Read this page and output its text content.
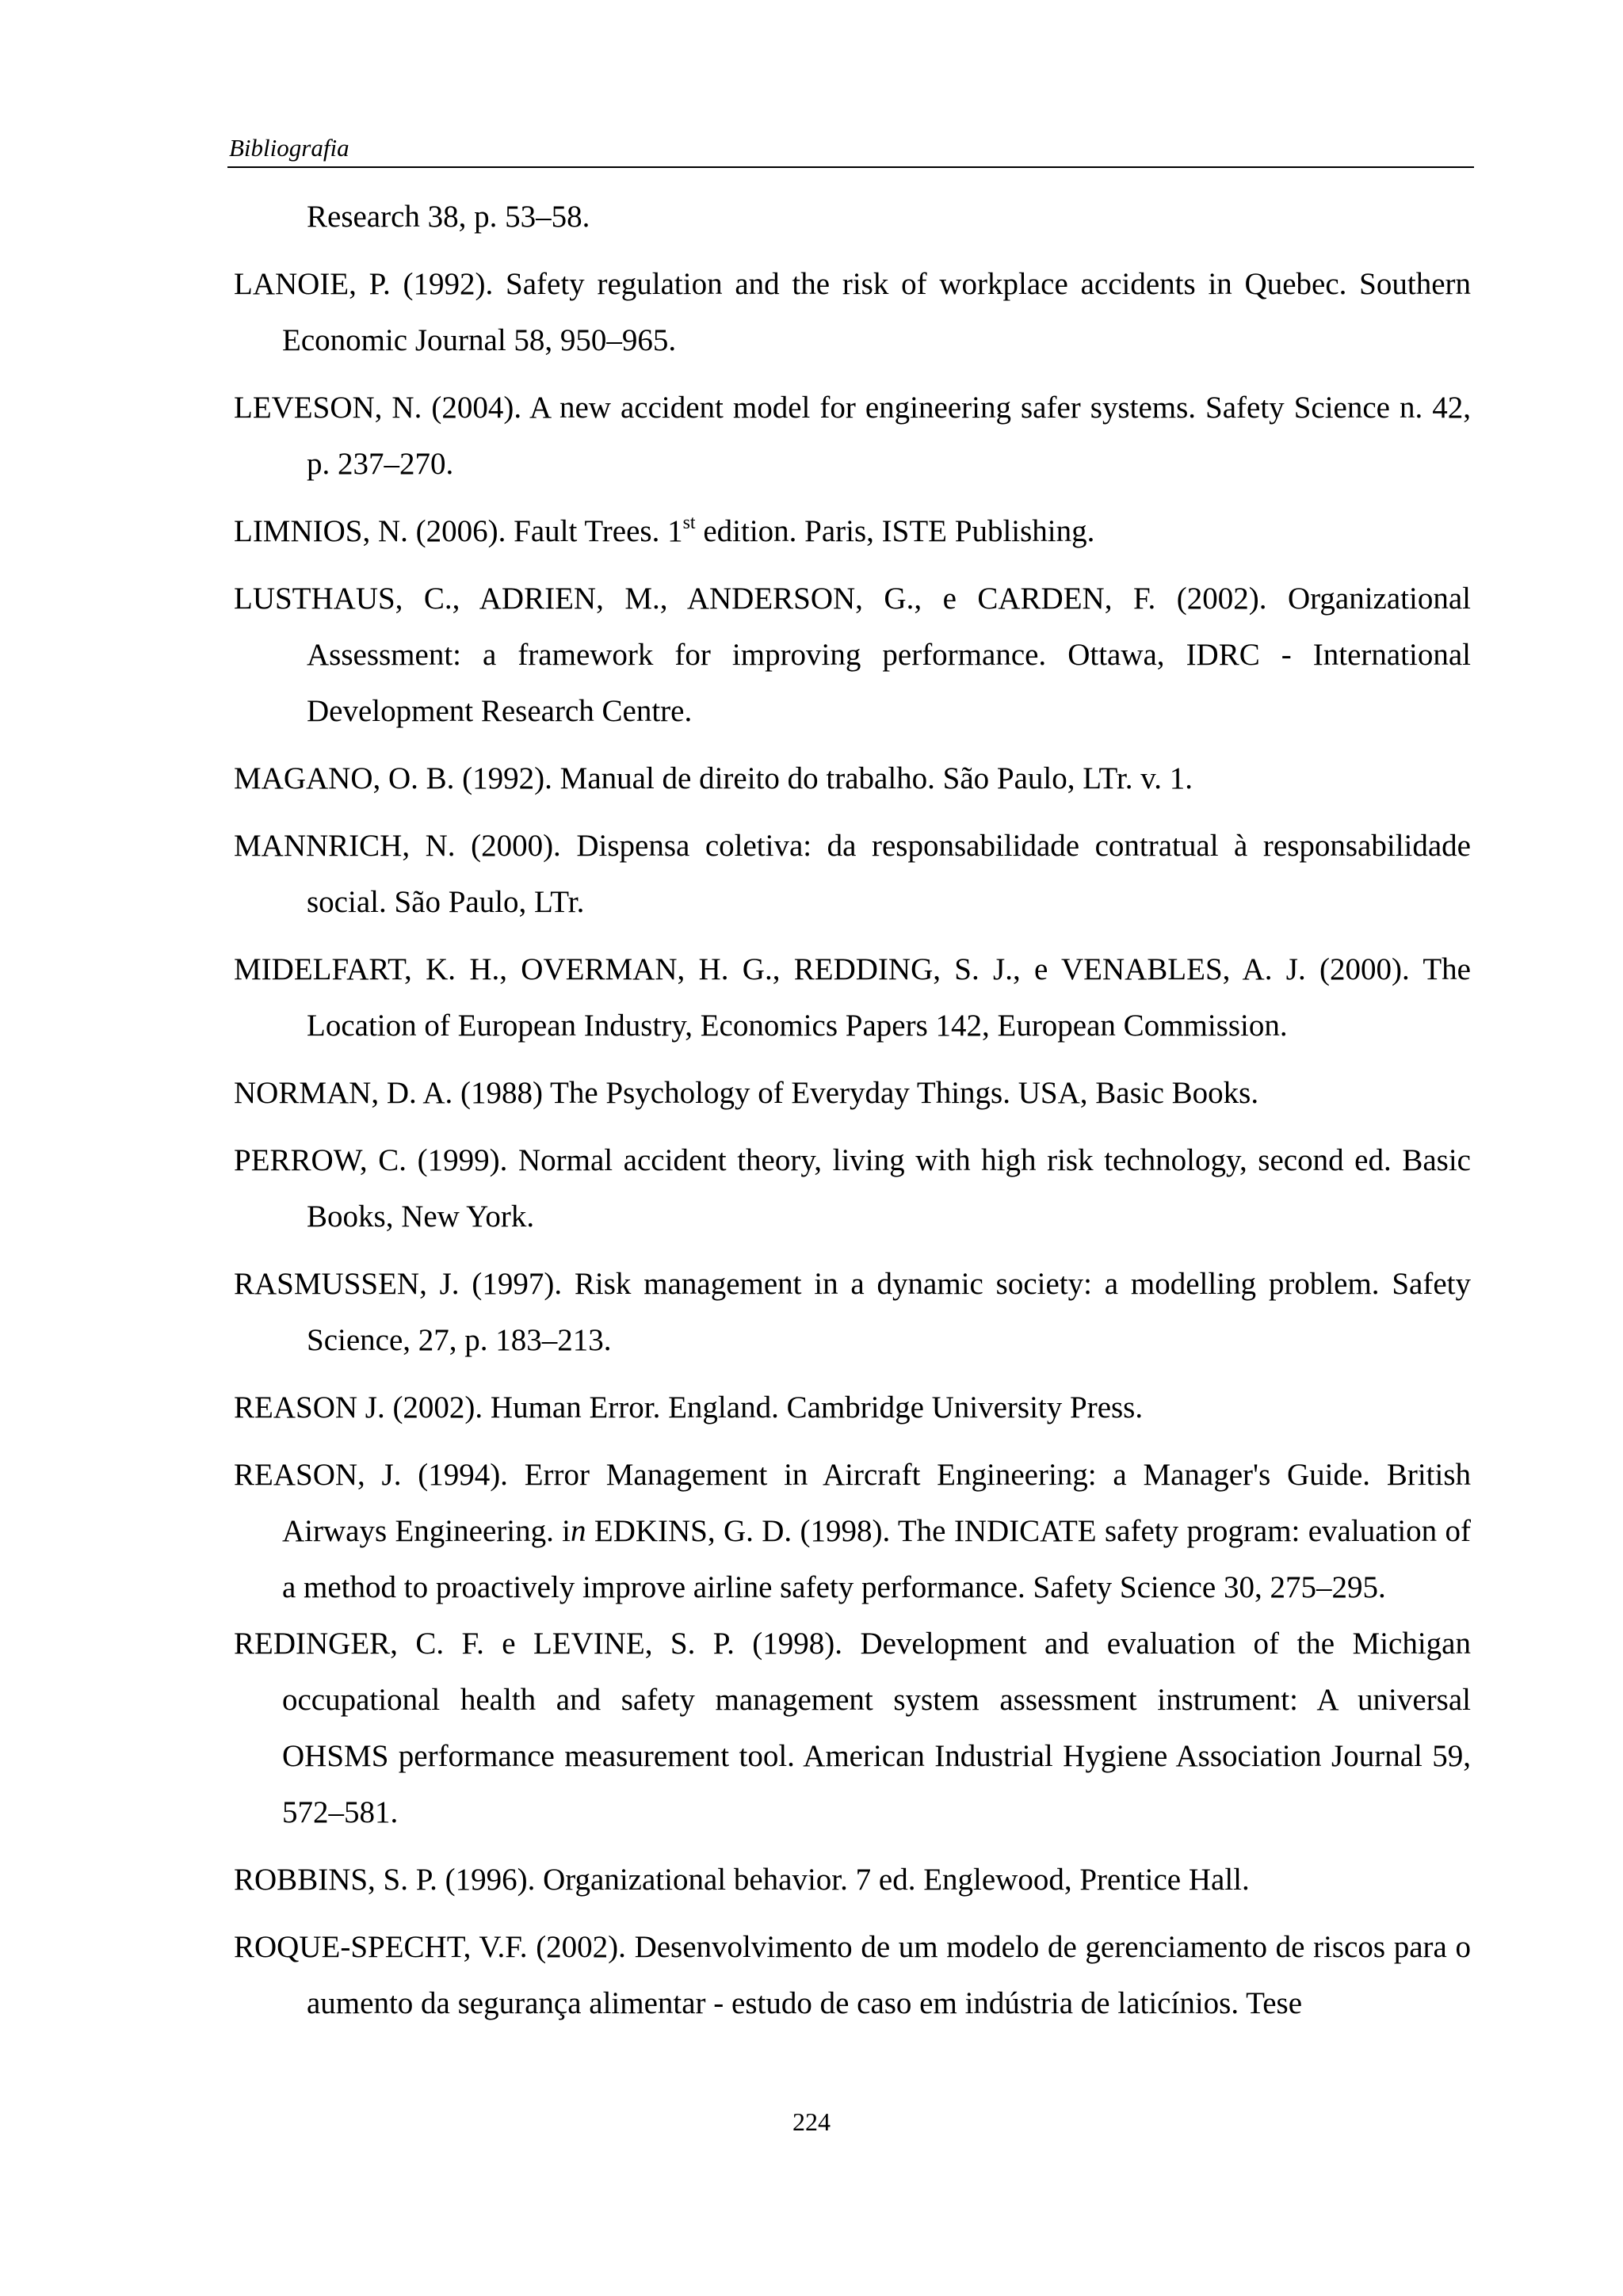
Bibliografia

Research 38, p. 53–58.

LANOIE, P. (1992). Safety regulation and the risk of workplace accidents in Quebec. Southern Economic Journal 58, 950–965.

LEVESON, N. (2004). A new accident model for engineering safer systems. Safety Science n. 42, p. 237–270.

LIMNIOS, N. (2006). Fault Trees. 1st edition. Paris, ISTE Publishing.

LUSTHAUS, C., ADRIEN, M., ANDERSON, G., e CARDEN, F. (2002). Organizational Assessment: a framework for improving performance. Ottawa, IDRC - International Development Research Centre.

MAGANO, O. B. (1992). Manual de direito do trabalho. São Paulo, LTr. v. 1.

MANNRICH, N. (2000). Dispensa coletiva: da responsabilidade contratual à responsabilidade social. São Paulo, LTr.

MIDELFART, K. H., OVERMAN, H. G., REDDING, S. J., e VENABLES, A. J. (2000). The Location of European Industry, Economics Papers 142, European Commission.

NORMAN, D. A. (1988) The Psychology of Everyday Things. USA, Basic Books.

PERROW, C. (1999). Normal accident theory, living with high risk technology, second ed. Basic Books, New York.

RASMUSSEN, J. (1997). Risk management in a dynamic society: a modelling problem. Safety Science, 27, p. 183–213.

REASON J. (2002). Human Error. England. Cambridge University Press.

REASON, J. (1994). Error Management in Aircraft Engineering: a Manager's Guide. British Airways Engineering. in EDKINS, G. D. (1998). The INDICATE safety program: evaluation of a method to proactively improve airline safety performance. Safety Science 30, 275–295.

REDINGER, C. F. e LEVINE, S. P. (1998). Development and evaluation of the Michigan occupational health and safety management system assessment instrument: A universal OHSMS performance measurement tool. American Industrial Hygiene Association Journal 59, 572–581.

ROBBINS, S. P. (1996). Organizational behavior. 7 ed. Englewood, Prentice Hall.

ROQUE-SPECHT, V.F. (2002). Desenvolvimento de um modelo de gerenciamento de riscos para o aumento da segurança alimentar - estudo de caso em indústria de laticínios. Tese

224
